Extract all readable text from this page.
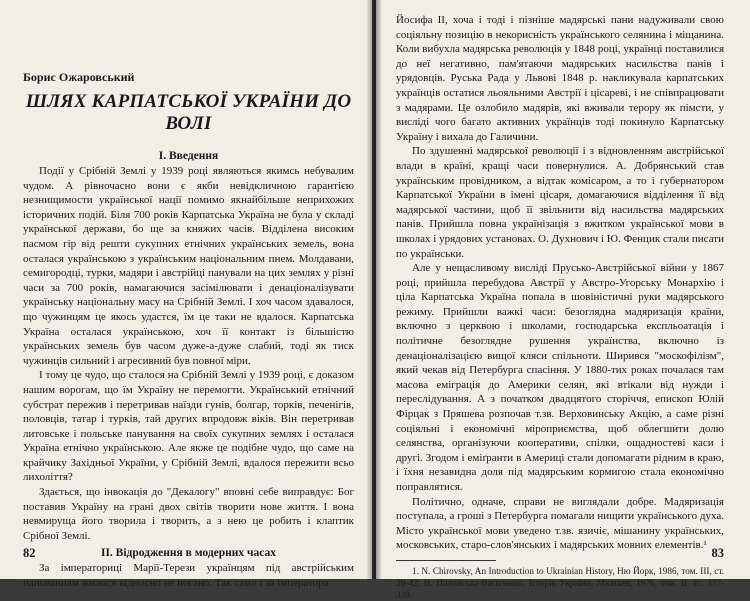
Борис Ожаровський
ШЛЯХ КАРПАТСЬКОЇ УКРАЇНИ ДО ВОЛІ
І. Введення

Події у Срібній Землі у 1939 році являються якимсь небувалим чудом. А рівночасно вони є якби невідкличною гарантією незнищимости української нації помимо якнайбільше неприхожих історичних подій. Біля 700 років Карпатська Україна не була у складі української держави, бо ще за княжих часів. Відділена високим пасмом гір від решти сукупних етнічних українських земель, вона осталася українською з українським національним пнем. Молдавани, семигородці, турки, мадяри і австрійці панували на цих землях у різні часи за 700 років, намагаючися засімілювати і денаціоналізувати українську національну масу на Срібній Землі. І хоч часом здавалося, що чужинцям це якось удастся, їм це таки не вдалося. Карпатська Україна осталася українською, хоч її контакт із більшістю українських земель був часом дуже-а-дуже слабий, тоді як тиск чужинців сильний і агресивний був повної міри.

І тому це чудо, що сталося на Срібній Землі у 1939 році, є доказом нашим ворогам, що їм Україну не перемогти. Український етнічний субстрат пережив і перетривав наїзди гунів, болгар, торків, печенігів, половців, татар і турків, тай других впродовж віків. Він перетривав литовське і польське панування на своїх сукупних землях і осталася Україна етнічно українською. Але якже це подібне чудо, що саме на крайчику Західньої України, у Срібній Землі, вдалося пережити всьо лихоліття?

Здається, що інвокація до "Декалогу" вповні себе виправдує: Бог поставив Україну на грані двох світів творити нове життя. І вона невмируща його творила і творить, а з нею це робить і клаптик Срібної Землі.

ІІ. Відродження в модерних часах

За імператориці Марії-Терези українцям під австрійським панованням жилося відносно не погано. Так само і за імператора

82

Йосифа ІІ, хоча і тоді і пізніше мадярські пани надуживали свою соціяльну позицію в некорисність українського селянина і міщанина. Коли вибухла мадярська революція у 1848 році, українці поставилися до неї негативно, пам'ятаючи мадярських насильства панів і урядовців. Руська Рада у Львові 1848 р. накликувала карпатських українців остатися льояльними Австрії і цісареві, і не співпрацювати з мадярами. Це озлобило мадярів, які вживали терору як пімсти, у висліді чого багато активних українців тоді покинуло Карпатську Україну і вихала до Галичини.

По здушенні мадярської революції і з відновленням австрійської влади в країні, кращі часи повернулися. А. Добрянський став українським провідником, а відтак комісаром, а то і губернатором Карпатської України в імені цісаря, домагаючися відділення її від мадярської частини, щоб її звільнити від насильства мадярських панів. Прийшла повна українізація з вжитком української мови в школах і урядових установах. О. Духнович і Ю. Фенцик стали писати по українськи.

Але у нещасливому висліді Прусько-Австрійської війни у 1867 році, прийшла перебудова Австрії у Австро-Угорську Монархію і ціла Карпатська Україна попала в шовіністичні руки мадярського режиму. Прийшли важкі часи: безоглядна мадяризація країни, включно з церквою і школами, господарська експльоатація і політичне безоглядне рушення українства, включно із денаціоналізацією вищої кляси спільноти. Ширився "москофілізм", який чекав від Петербурга спасіння. У 1880-тих роках почалася там масова еміграція до Америки селян, які втікали від нужди і переслідування. А з початком двадцятого сторіччя, епископ Юлій Фірцак з Пряшева розпочав т.зв. Верховинську Акцію, а саме різні соціяльні і економічні міроприємства, щоб облегшити долю селянства, організуючи кооперативи, спілки, ощадностеві каси і другі. Згодом і еміґранти в Америці стали допомагати рідним в краю, і їхня незавидна доля під мадярським кормигою стала економічно поправлятися.

Політично, одначе, справи не виглядали добре. Мадяризація поступала, а гроші з Петербурга помагали нищити українського духа. Місто української мови уведено т.зв. язичіє, мішанину українських, московських, старо-слов'янських і мадярських мовних елементів.¹

1. N. Chirovsky, An Introduction to Ukrainian History, Ню Йорк, 1986, том. ІІІ, ст. 39-42; Н. Полонська-Василенко, Історія України, Мюнхен, 1976, том. ІІ, тс. 337-339.

83
